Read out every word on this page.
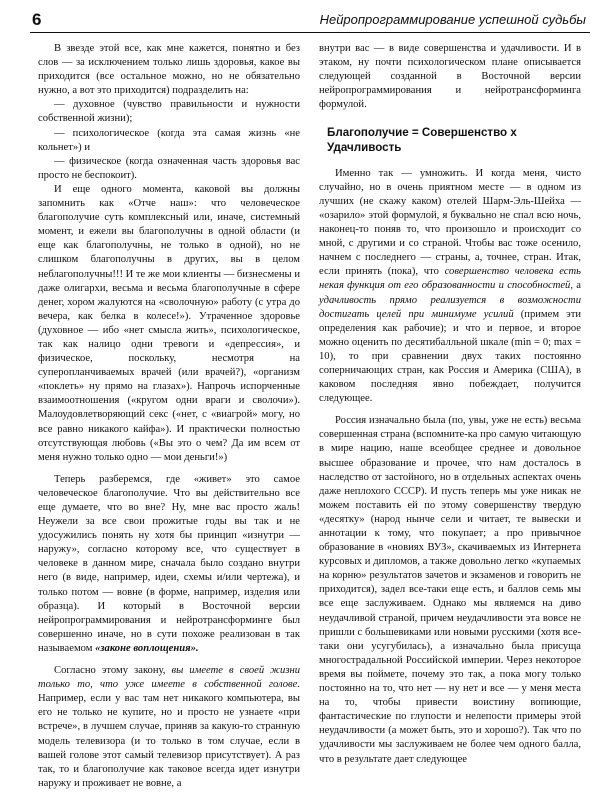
6	Нейропрограммирование успешной судьбы

В звезде этой все, как мне кажется, понятно и без слов — за исключением только лишь здоровья, какое вы приходится (все остальное можно, но не обязательно нужно, а вот это приходится) подразделить на:

— духовное (чувство правильности и нужности собственной жизни);

— психологическое (когда эта самая жизнь «не кольнет») и

— физическое (когда означенная часть здоровья вас просто не беспокоит).

И еще одного момента, каковой вы должны запомнить как «Отче наш»: что человеческое благополучие суть комплексный или, иначе, системный момент, и ежели вы благополучны в одной области (и еще как благополучны, не только в одной), но не слишком благополучны в других, вы в целом неблагополучны!!! И те же мои клиенты — бизнесмены и даже олигархи, весьма и весьма благополучные в сфере денег, хором жалуются на «сволочную» работу (с утра до вечера, как белка в колесе!»). Утраченное здоровье (духовное — ибо «нет смысла жить», психологическое, так как налицо одни тревоги и «депрессия», и физическое, поскольку, несмотря на суперопланчиваемых врачей (или врачей?), «организм «поклеть» ну прямо на глазах»). Напрочь испорченные взаимоотношения («кругом одни враги и сволочи»). Малоудовлетворяющий секс («нет, с «виагрой» могу, но все равно никакого кайфа»). И практически полностью отсутствующая любовь («Вы это о чем? Да им всем от меня нужно только одно — мои деньги!»)

Теперь разберемся, где «живет» это самое человеческое благополучие. Что вы действительно все еще думаете, что во вне? Ну, мне вас просто жаль! Неужели за все свои прожитые годы вы так и не удосужились понять ну хотя бы принцип «изнутри — наружу», согласно которому все, что существует в человеке в данном мире, сначала было создано внутри него (в виде, например, идеи, схемы и/или чертежа), и только потом — вовне (в форме, например, изделия или образца). И который в Восточной версии нейропрограммирования и нейротрансформинге был совершенно иначе, но в сути похоже реализован в так называемом «законе воплощения».

Согласно этому закону, вы имеете в своей жизни только то, что уже имеете в собственной голове. Например, если у вас там нет никакого компьютера, вы его не только не купите, но и просто не узнаете «при встрече», в лучшем случае, приняв за какую-то странную модель телевизора (и то только в том случае, если в вашей голове этот самый телевизор присутствует). А раз так, то и благополучие как таковое всегда идет изнутри наружу и проживает не вовне, а

внутри вас — в виде совершенства и удачливости. И в этаком, ну почти психологическом плане описывается следующей созданной в Восточной версии нейропрограммирования и нейротрансформинга формулой.

Благополучие = Совершенство х Удачливость

Именно так — умножить. И когда меня, чисто случайно, но в очень приятном месте — в одном из лучших (не скажу каком) отелей Шарм-Эль-Шейха — «озарило» этой формулой, я буквально не спал всю ночь, наконец-то поняв то, что произошло и происходит со мной, с другими и со страной. Чтобы вас тоже осенило, начнем с последнего — страны, а, точнее, стран. Итак, если принять (пока), что совершенство человека есть некая функция от его образованности и способностей, а удачливость прямо реализуется в возможности достигать целей при минимуме усилий (примем эти определения как рабочие); и что и первое, и второе можно оценить по десятибалльной шкале (min = 0; max = 10), то при сравнении двух таких постоянно соперничающих стран, как Россия и Америка (США), в каковом последняя явно побеждает, получится следующее.

Россия изначально была (по, увы, уже не есть) весьма совершенная страна (вспомните-ка про самую читающую в мире нацию, наше всеобщее среднее и довольное высшее образование и прочее, что нам досталось в наследство от застойного, но в отдельных аспектах очень даже неплохого СССР). И пусть теперь мы уже никак не можем поставить ей по этому совершенству твердую «десятку» (народ нынче сели и читает, те вывески и аннотации к тому, что покупает; а про привычное образование в «новиях ВУЗ», скачиваемых из Интернета курсовых и дипломов, а также довольно легко «купаемых на корню» результатов зачетов и экзаменов и говорить не приходится), задел все-таки еще есть, и баллов семь мы все еще заслуживаем. Однако мы являемся на диво неудачливой страной, причем неудачливости эта вовсе не пришли с большевиками или новыми русскими (хотя все-таки они усугубилась), а изначально была присуща многострадальной Российской империи. Через некоторое время вы поймете, почему это так, а пока могу только постоянно на то, что нет — ну нет и все — у меня места на то, чтобы привести воистину вопиющие, фантастические по глупости и нелепости примеры этой неудачливости (а может быть, это и хорошо?). Так что по удачливости мы заслуживаем не более чем одного балла, что в результате дает следующее
